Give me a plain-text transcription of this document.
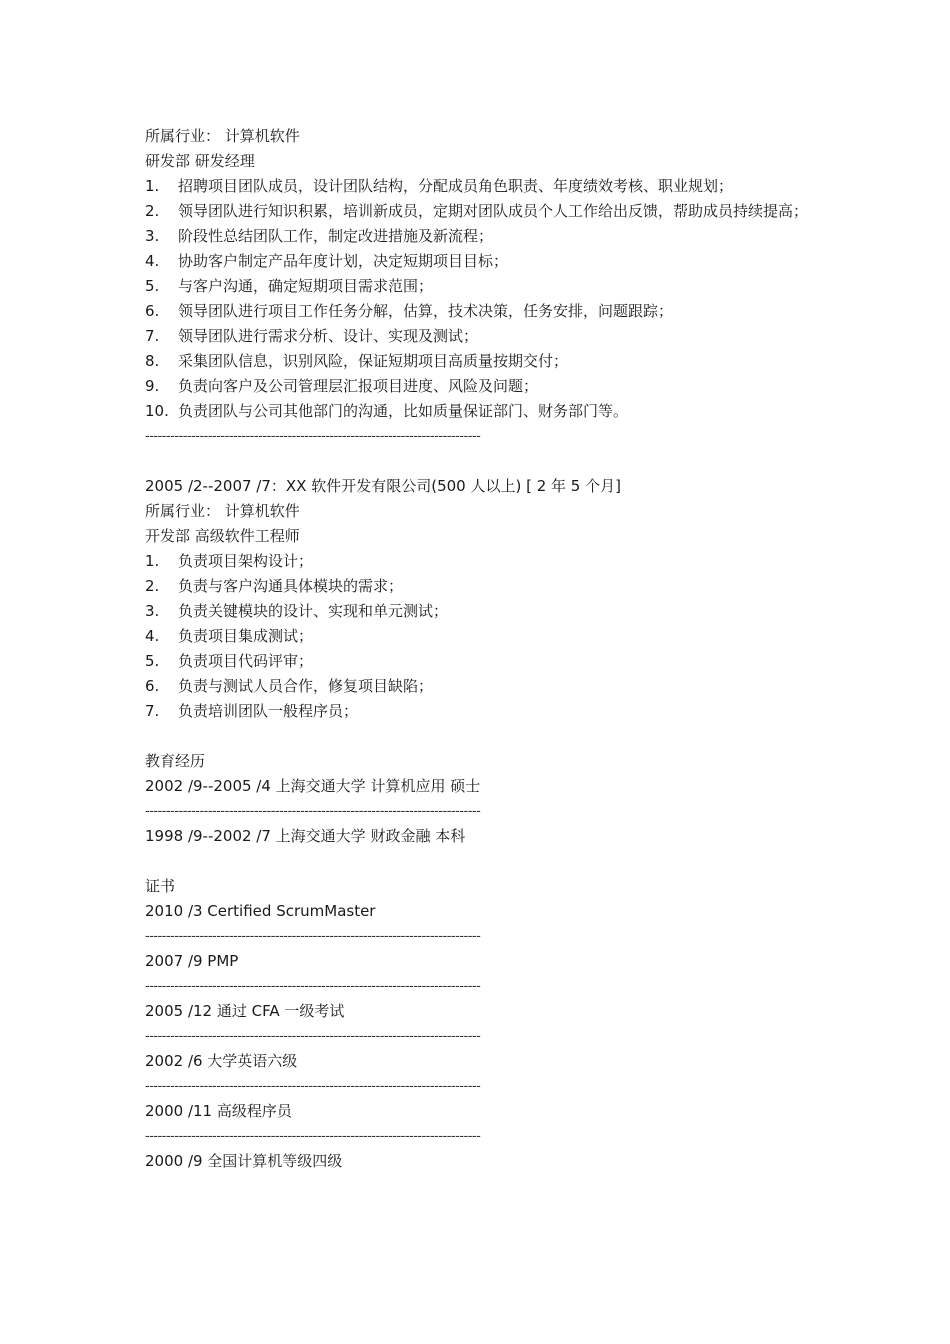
所属行业： 计算机软件
研发部 研发经理
1. 招聘项目团队成员，设计团队结构，分配成员角色职责、年度绩效考核、职业规划；
2. 领导团队进行知识积累，培训新成员，定期对团队成员个人工作给出反馈，帮助成员持续提高；
3. 阶段性总结团队工作，制定改进措施及新流程；
4. 协助客户制定产品年度计划，决定短期项目目标；
5. 与客户沟通，确定短期项目需求范围；
6. 领导团队进行项目工作任务分解，估算，技术决策，任务安排，问题跟踪；
7. 领导团队进行需求分析、设计、实现及测试；
8. 采集团队信息，识别风险，保证短期项目高质量按期交付；
9. 负责向客户及公司管理层汇报项目进度、风险及问题；
10. 负责团队与公司其他部门的沟通，比如质量保证部门、财务部门等。
--------------------------------------------------------------------------------
2005 /2--2007 /7：XX 软件开发有限公司(500 人以上) [ 2 年 5 个月]
所属行业： 计算机软件
开发部 高级软件工程师
1. 负责项目架构设计；
2. 负责与客户沟通具体模块的需求；
3. 负责关键模块的设计、实现和单元测试；
4. 负责项目集成测试；
5. 负责项目代码评审；
6. 负责与测试人员合作，修复项目缺陷；
7. 负责培训团队一般程序员；
教育经历
2002 /9--2005 /4 上海交通大学 计算机应用 硕士
--------------------------------------------------------------------------------
1998 /9--2002 /7 上海交通大学 财政金融 本科
证书
2010 /3 Certified ScrumMaster
--------------------------------------------------------------------------------
2007 /9 PMP
--------------------------------------------------------------------------------
2005 /12 通过 CFA 一级考试
--------------------------------------------------------------------------------
2002 /6 大学英语六级
--------------------------------------------------------------------------------
2000 /11 高级程序员
--------------------------------------------------------------------------------
2000 /9 全国计算机等级四级
